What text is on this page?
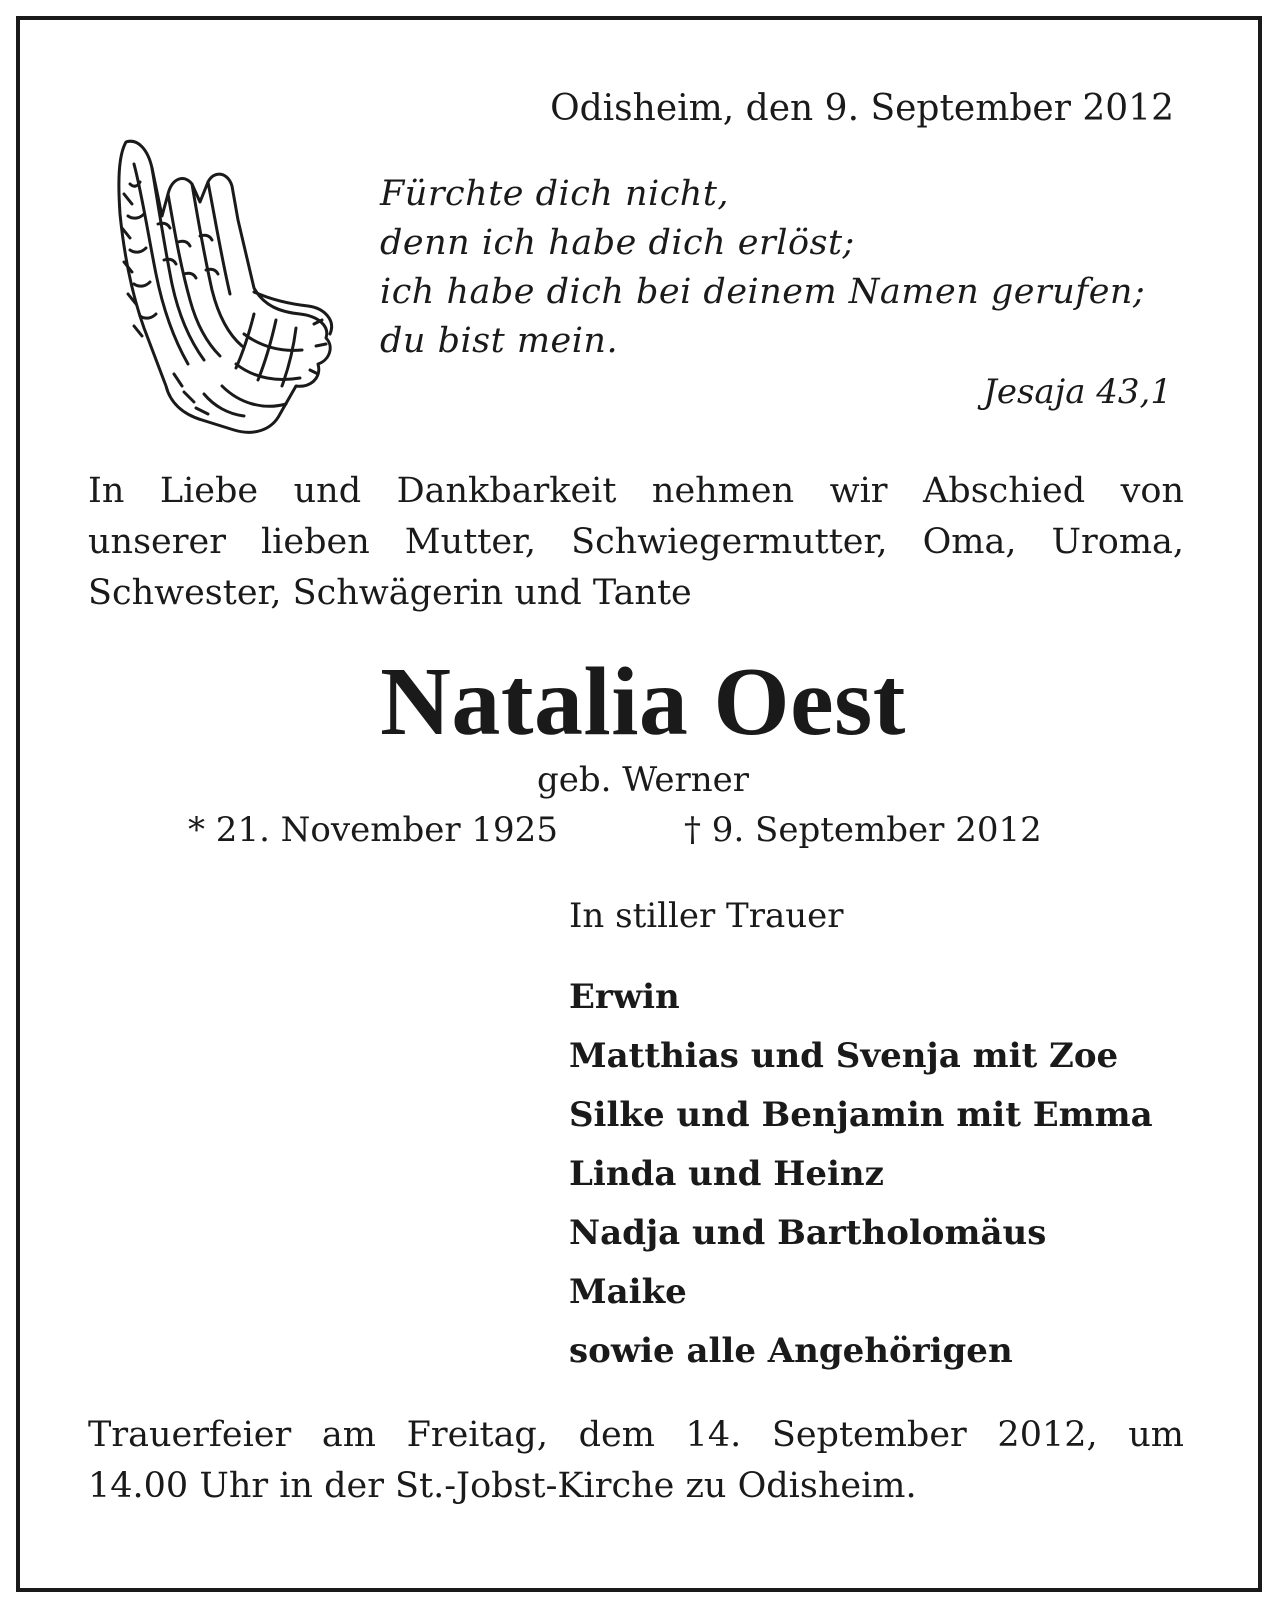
Odisheim, den 9. September 2012
Fürchte dich nicht,
denn ich habe dich erlöst;
ich habe dich bei deinem Namen gerufen;
du bist mein.
Jesaja 43,1
In Liebe und Dankbarkeit nehmen wir Abschied von
unserer lieben Mutter, Schwiegermutter, Oma, Uroma,
Schwester, Schwägerin und Tante
Natalia Oest
geb. Werner
* 21. November 1925	† 9. September 2012
In stiller Trauer
Erwin
Matthias und Svenja mit Zoe
Silke und Benjamin mit Emma
Linda und Heinz
Nadja und Bartholomäus
Maike
sowie alle Angehörigen
Trauerfeier am Freitag, dem 14. September 2012, um
14.00 Uhr in der St.-Jobst-Kirche zu Odisheim.
